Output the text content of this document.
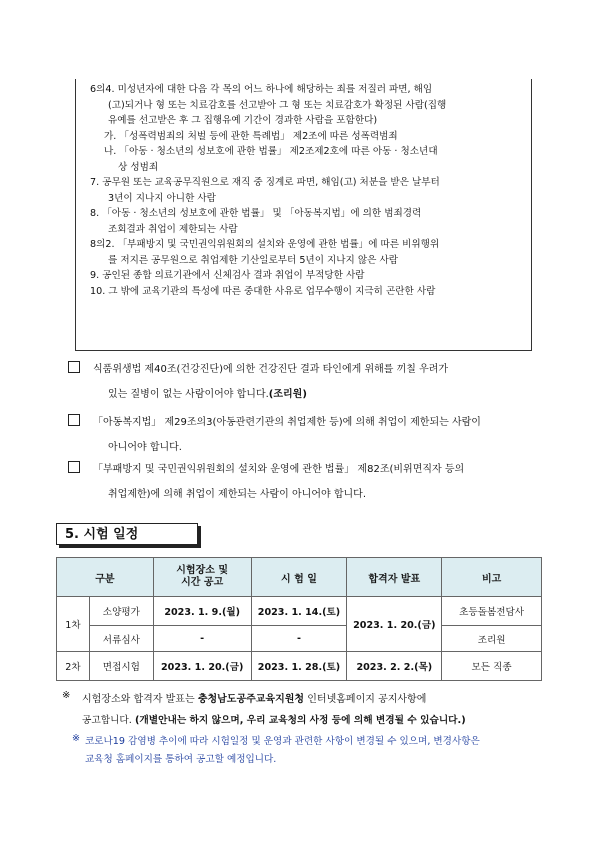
6의4. 미성년자에 대한 다음 각 목의 어느 하나에 해당하는 죄를 저질러 파면, 해임
(고)되거나 형 또는 치료감호를 선고받아 그 형 또는 치료감호가 확정된 사람(집행
유예를 선고받은 후 그 집행유예 기간이 경과한 사람을 포함한다)
가. 「성폭력범죄의 처벌 등에 관한 특례법」 제2조에 따른 성폭력범죄
나. 「아동 · 청소년의 성보호에 관한 법률」 제2조제2호에 따른 아동 · 청소년대
상 성범죄
7. 공무원 또는 교육공무직원으로 재직 중 징계로 파면, 해임(고) 처분을 받은 날부터
3년이 지나지 아니한 사람
8. 「아동 · 청소년의 성보호에 관한 법률」 및 「아동복지법」에 의한 범죄경력
조회결과 취업이 제한되는 사람
8의2. 「부패방지 및 국민권익위원회의 설치와 운영에 관한 법률」에 따른 비위행위
를 저지른 공무원으로 취업제한 기산일로부터 5년이 지나지 않은 사람
9. 공인된 종합 의료기관에서 신체검사 결과 취업이 부적당한 사람
10. 그 밖에 교육기관의 특성에 따른 중대한 사유로 업무수행이 지극히 곤란한 사람
식품위생법 제40조(건강진단)에 의한 건강진단 결과 타인에게 위해를 끼칠 우려가
있는 질병이 없는 사람이어야 합니다.(조리원)
「아동복지법」 제29조의3(아동관련기관의 취업제한 등)에 의해 취업이 제한되는 사람이
아니어야 합니다.
「부패방지 및 국민권익위원회의 설치와 운영에 관한 법률」 제82조(비위면직자 등의
취업제한)에 의해 취업이 제한되는 사람이 아니어야 합니다.
5. 시험 일정
구분		시험장소 및
시간 공고	시 험 일	합격자 발표	비고
1차	소양평가	2023. 1. 9.(월)	2023. 1. 14.(토)	2023. 1. 20.(금)	초등돌봄전담사
	서류심사	-	-		조리원
2차	면접시험	2023. 1. 20.(금)	2023. 1. 28.(토)	2023. 2. 2.(목)	모든 직종
※ 시험장소와 합격자 발표는 충청남도공주교육지원청 인터넷홈페이지 공지사항에
공고합니다. (개별안내는 하지 않으며, 우리 교육청의 사정 등에 의해 변경될 수 있습니다.)
※ 코로나19 감염병 추이에 따라 시험일정 및 운영과 관련한 사항이 변경될 수 있으며, 변경사항은
교육청 홈페이지를 통하여 공고할 예정입니다.
